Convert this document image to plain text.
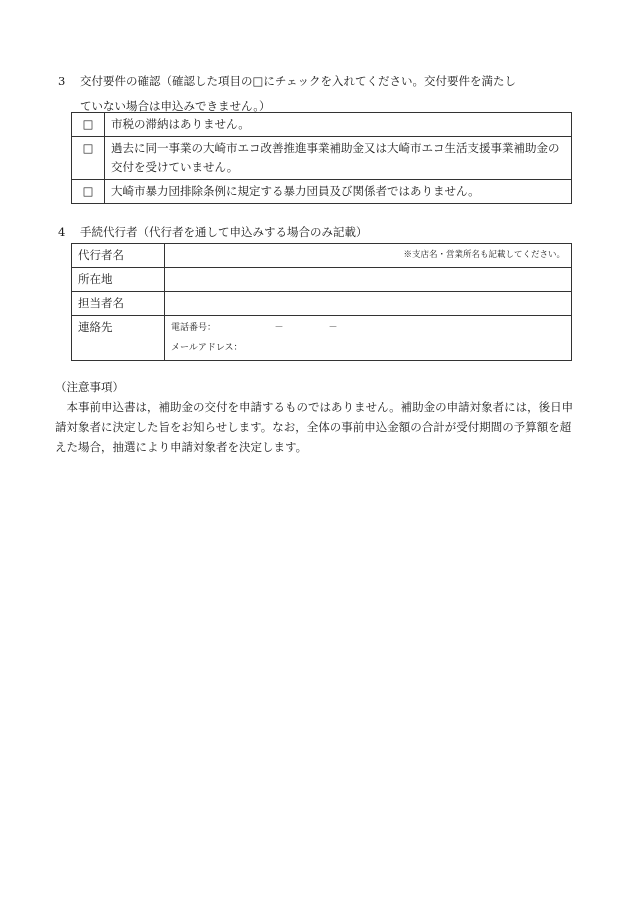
3 交付要件の確認（確認した項目の□にチェックを入れてください。交付要件を満たし
ていない場合は申込みできません。）
□	市税の滞納はありません。
□	過去に同一事業の大崎市エコ改善推進事業補助金又は大崎市エコ生活支援事業補助金の交付を受けていません。
□	大崎市暴力団排除条例に規定する暴力団員及び関係者ではありません。
4 手続代行者（代行者を通して申込みする場合のみ記載）
代行者名	※支店名・営業所名も記載してください。
所在地	
担当者名	
連絡先	電話番号：　　　　　　　－　　　　　－
メールアドレス：

（注意事項）

本事前申込書は，補助金の交付を申請するものではありません。補助金の申請対象者には，後日申請対象者に決定した旨をお知らせします。なお，全体の事前申込金額の合計が受付期間の予算額を超えた場合，抽選により申請対象者を決定します。
